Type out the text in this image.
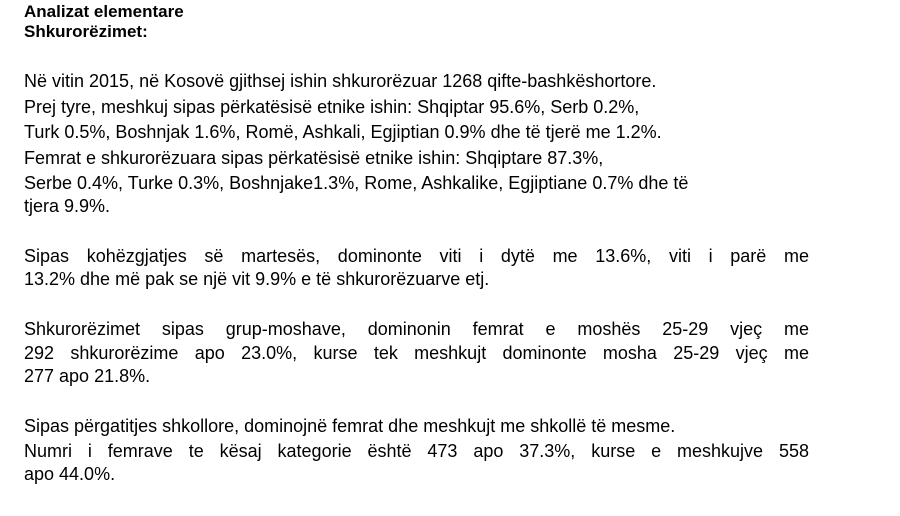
Analizat elementare
Shkurorëzimet:
Në vitin 2015, në Kosovë gjithsej ishin shkurorëzuar 1268 qifte-bashkëshortore.
Prej tyre, meshkuj sipas përkatësisë etnike ishin: Shqiptar 95.6%, Serb 0.2%,
Turk 0.5%, Boshnjak 1.6%, Romë, Ashkali, Egjiptian 0.9% dhe të tjerë me 1.2%.
Femrat e shkurorëzuara sipas përkatësisë etnike ishin: Shqiptare 87.3%,
Serbe 0.4%, Turke 0.3%, Boshnjake1.3%, Rome, Ashkalike, Egjiptiane 0.7% dhe të
tjera 9.9%.
Sipas kohëzgjatjes së martesës, dominonte viti i dytë me 13.6%, viti i parë me
13.2% dhe më pak se një vit 9.9% e të shkurorëzuarve etj.
Shkurorëzimet sipas grup-moshave, dominonin femrat e moshës 25-29 vjeç me
292 shkurorëzime apo 23.0%, kurse tek meshkujt dominonte mosha 25-29 vjeç me
277 apo 21.8%.
Sipas përgatitjes shkollore, dominojnë femrat dhe meshkujt me shkollë të mesme.
Numri i femrave te kësaj kategorie është 473 apo 37.3%, kurse e meshkujve 558
apo 44.0%.
